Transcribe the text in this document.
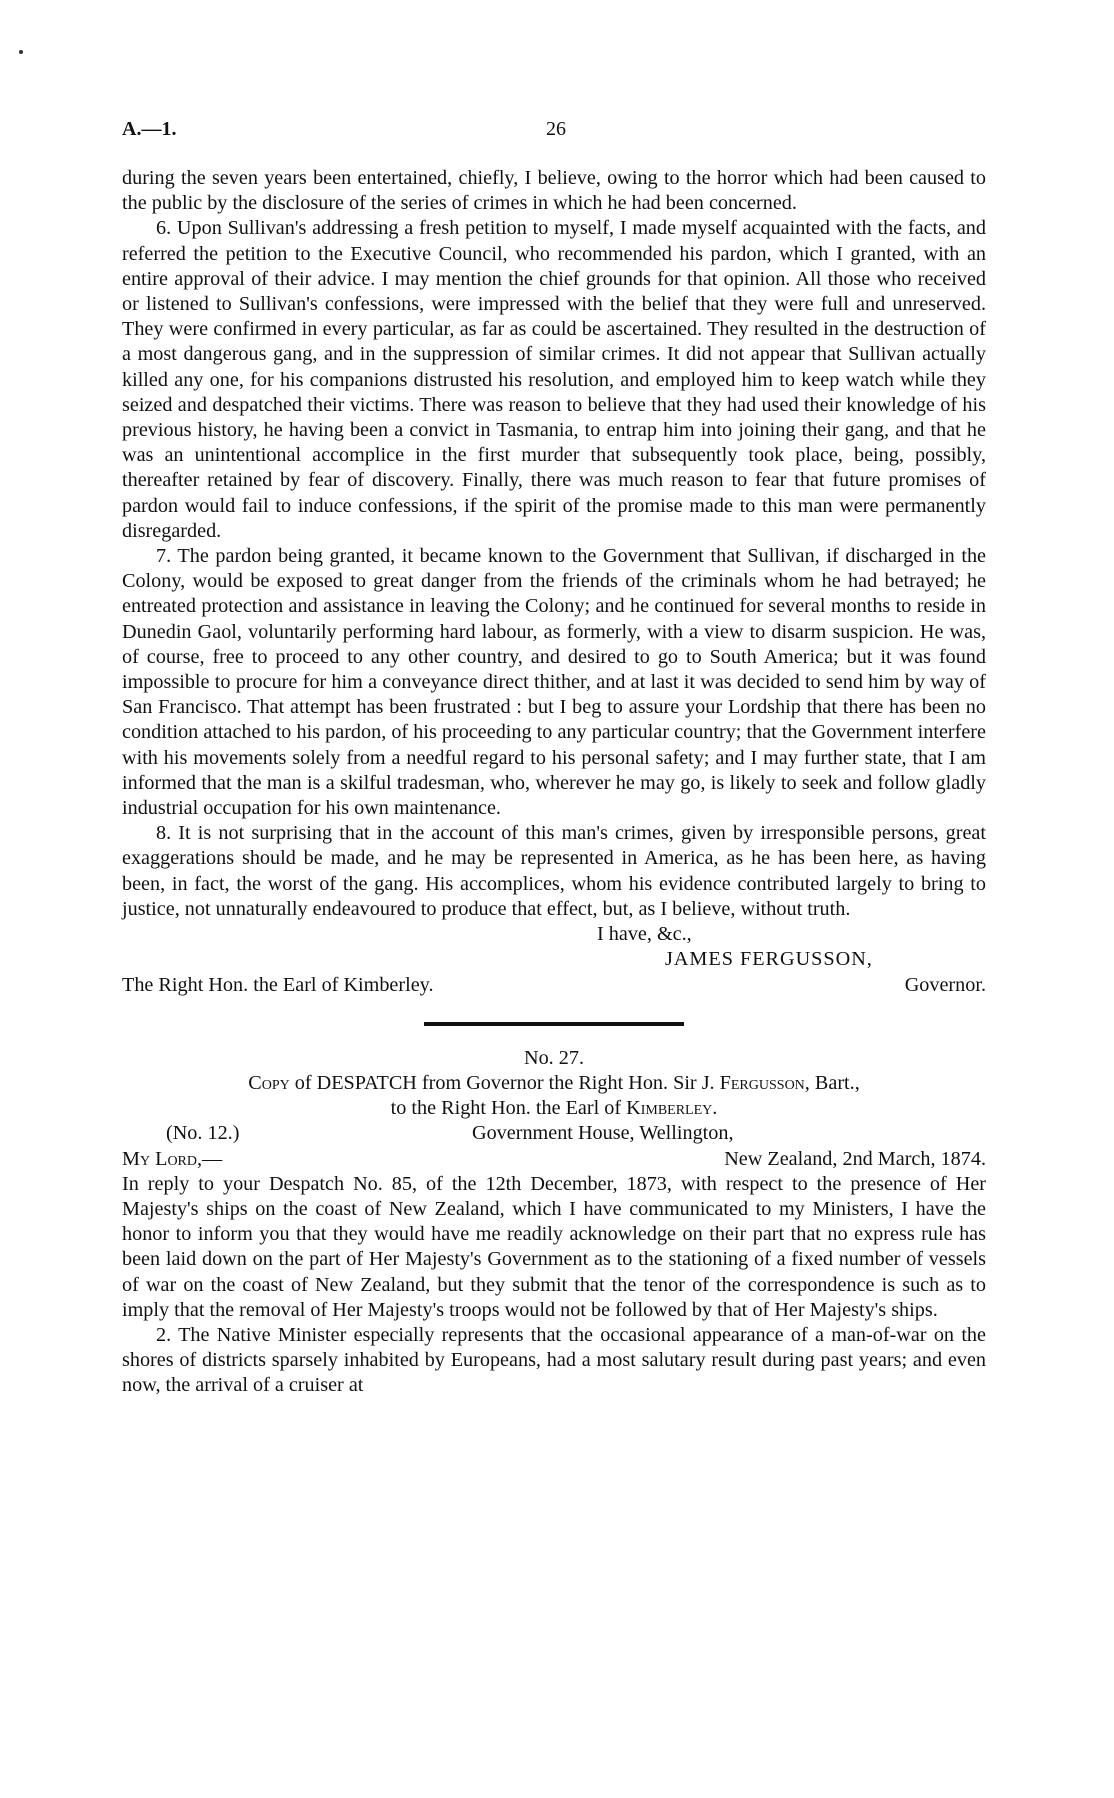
A.—1.	26

during the seven years been entertained, chiefly, I believe, owing to the horror which had been caused to the public by the disclosure of the series of crimes in which he had been concerned.

6. Upon Sullivan's addressing a fresh petition to myself, I made myself acquainted with the facts, and referred the petition to the Executive Council, who recommended his pardon, which I granted, with an entire approval of their advice. I may mention the chief grounds for that opinion. All those who received or listened to Sullivan's confessions, were impressed with the belief that they were full and unreserved. They were confirmed in every particular, as far as could be ascertained. They resulted in the destruction of a most dangerous gang, and in the suppression of similar crimes. It did not appear that Sullivan actually killed any one, for his companions distrusted his resolution, and employed him to keep watch while they seized and despatched their victims. There was reason to believe that they had used their knowledge of his previous history, he having been a convict in Tasmania, to entrap him into joining their gang, and that he was an unintentional accomplice in the first murder that subsequently took place, being, possibly, thereafter retained by fear of discovery. Finally, there was much reason to fear that future promises of pardon would fail to induce confessions, if the spirit of the promise made to this man were permanently disregarded.

7. The pardon being granted, it became known to the Government that Sullivan, if discharged in the Colony, would be exposed to great danger from the friends of the criminals whom he had betrayed; he entreated protection and assistance in leaving the Colony; and he continued for several months to reside in Dunedin Gaol, voluntarily performing hard labour, as formerly, with a view to disarm suspicion. He was, of course, free to proceed to any other country, and desired to go to South America; but it was found impossible to procure for him a conveyance direct thither, and at last it was decided to send him by way of San Francisco. That attempt has been frustrated : but I beg to assure your Lordship that there has been no condition attached to his pardon, of his proceeding to any particular country; that the Government interfere with his movements solely from a needful regard to his personal safety; and I may further state, that I am informed that the man is a skilful tradesman, who, wherever he may go, is likely to seek and follow gladly industrial occupation for his own maintenance.

8. It is not surprising that in the account of this man's crimes, given by irresponsible persons, great exaggerations should be made, and he may be represented in America, as he has been here, as having been, in fact, the worst of the gang. His accomplices, whom his evidence contributed largely to bring to justice, not unnaturally endeavoured to produce that effect, but, as I believe, without truth.

I have, &c.,

JAMES FERGUSSON,

The Right Hon. the Earl of Kimberley.	Governor.

No. 27.

Copy of DESPATCH from Governor the Right Hon. Sir J. Fergusson, Bart.,

to the Right Hon. the Earl of Kimberley.

(No. 12.)	Government House, Wellington,
My Lord,—	New Zealand, 2nd March, 1874.

In reply to your Despatch No. 85, of the 12th December, 1873, with respect to the presence of Her Majesty's ships on the coast of New Zealand, which I have communicated to my Ministers, I have the honor to inform you that they would have me readily acknowledge on their part that no express rule has been laid down on the part of Her Majesty's Government as to the stationing of a fixed number of vessels of war on the coast of New Zealand, but they submit that the tenor of the correspondence is such as to imply that the removal of Her Majesty's troops would not be followed by that of Her Majesty's ships.

2. The Native Minister especially represents that the occasional appearance of a man-of-war on the shores of districts sparsely inhabited by Europeans, had a most salutary result during past years; and even now, the arrival of a cruiser at
